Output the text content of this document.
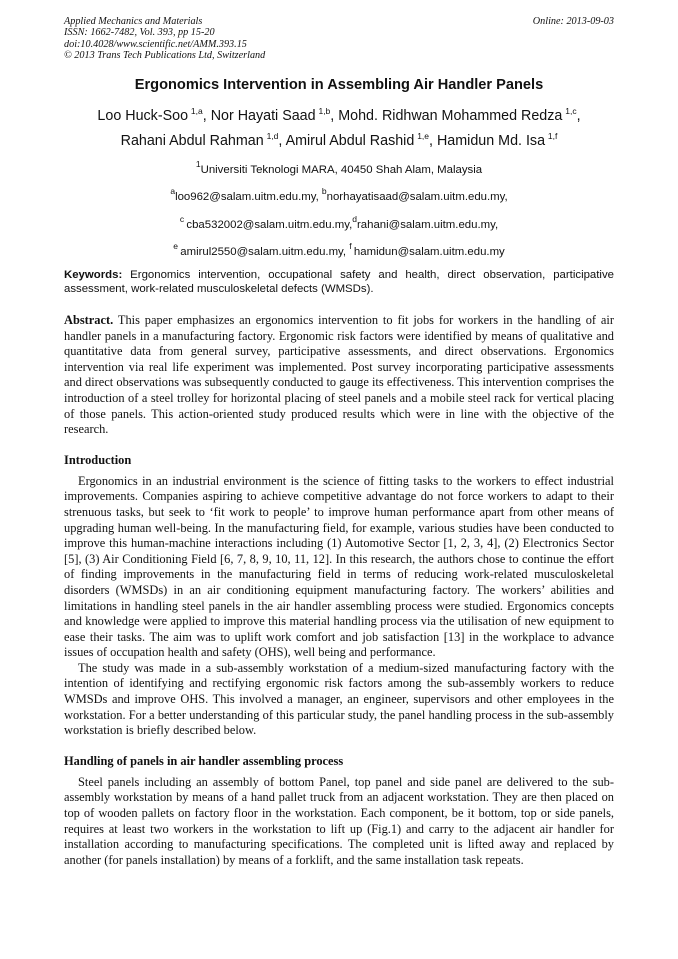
Applied Mechanics and Materials
ISSN: 1662-7482, Vol. 393, pp 15-20
doi:10.4028/www.scientific.net/AMM.393.15
© 2013 Trans Tech Publications Ltd, Switzerland
Online: 2013-09-03
Ergonomics Intervention in Assembling Air Handler Panels
Loo Huck-Soo  $^{1,a}$, Nor Hayati Saad  $^{1,b}$, Mohd. Ridhwan Mohammed Redza  $^{1,c}$,
Rahani Abdul Rahman  $^{1,d}$, Amirul Abdul Rashid  $^{1,e}$, Hamidun Md. Isa  $^{1,f}$
$^1$Universiti Teknologi MARA, 40450 Shah Alam, Malaysia
$^a$loo962@salam.uitm.edu.my, $^b$norhayatisaad@salam.uitm.edu.my,
$^c$  cba532002@salam.uitm.edu.my,$^d$rahani@salam.uitm.edu.my,
$^e$  amirul2550@salam.uitm.edu.my, $^f$  hamidun@salam.uitm.edu.my
Keywords: Ergonomics intervention, occupational safety and health, direct observation, participative assessment, work-related musculoskeletal defects (WMSDs).
Abstract. This paper emphasizes an ergonomics intervention to fit jobs for workers in the handling of air handler panels in a manufacturing factory. Ergonomic risk factors were identified by means of qualitative and quantitative data from general survey, participative assessments, and direct observations. Ergonomics intervention via real life experiment was implemented. Post survey incorporating participative assessments and direct observations was subsequently conducted to gauge its effectiveness. This intervention comprises the introduction of a steel trolley for horizontal placing of steel panels and a mobile steel rack for vertical placing of those panels. This action-oriented study produced results which were in line with the objective of the research.
Introduction
Ergonomics in an industrial environment is the science of fitting tasks to the workers to effect industrial improvements. Companies aspiring to achieve competitive advantage do not force workers to adapt to their strenuous tasks, but seek to ‘fit work to people’ to improve human performance apart from other means of upgrading human well-being. In the manufacturing field, for example, various studies have been conducted to improve this human-machine interactions including (1) Automotive Sector [1, 2, 3, 4], (2) Electronics Sector [5], (3) Air Conditioning Field [6, 7, 8, 9, 10, 11, 12]. In this research, the authors chose to continue the effort of finding improvements in the manufacturing field in terms of reducing work-related musculoskeletal disorders (WMSDs) in an air conditioning equipment manufacturing factory. The workers’ abilities and limitations in handling steel panels in the air handler assembling process were studied. Ergonomics concepts and knowledge were applied to improve this material handling process via the utilisation of new equipment to ease their tasks. The aim was to uplift work comfort and job satisfaction [13] in the workplace to advance issues of occupation health and safety (OHS), well being and performance.
The study was made in a sub-assembly workstation of a medium-sized manufacturing factory with the intention of identifying and rectifying ergonomic risk factors among the sub-assembly workers to reduce WMSDs and improve OHS. This involved a manager, an engineer, supervisors and other employees in the workstation. For a better understanding of this particular study, the panel handling process in the sub-assembly workstation is briefly described below.
Handling of panels in air handler assembling process
Steel panels including an assembly of bottom Panel, top panel and side panel are delivered to the sub-assembly workstation by means of a hand pallet truck from an adjacent workstation. They are then placed on top of wooden pallets on factory floor in the workstation. Each component, be it bottom, top or side panels, requires at least two workers in the workstation to lift up (Fig.1) and carry to the adjacent air handler for installation according to manufacturing specifications. The completed unit is lifted away and replaced by another (for panels installation) by means of a forklift, and the same installation task repeats.
